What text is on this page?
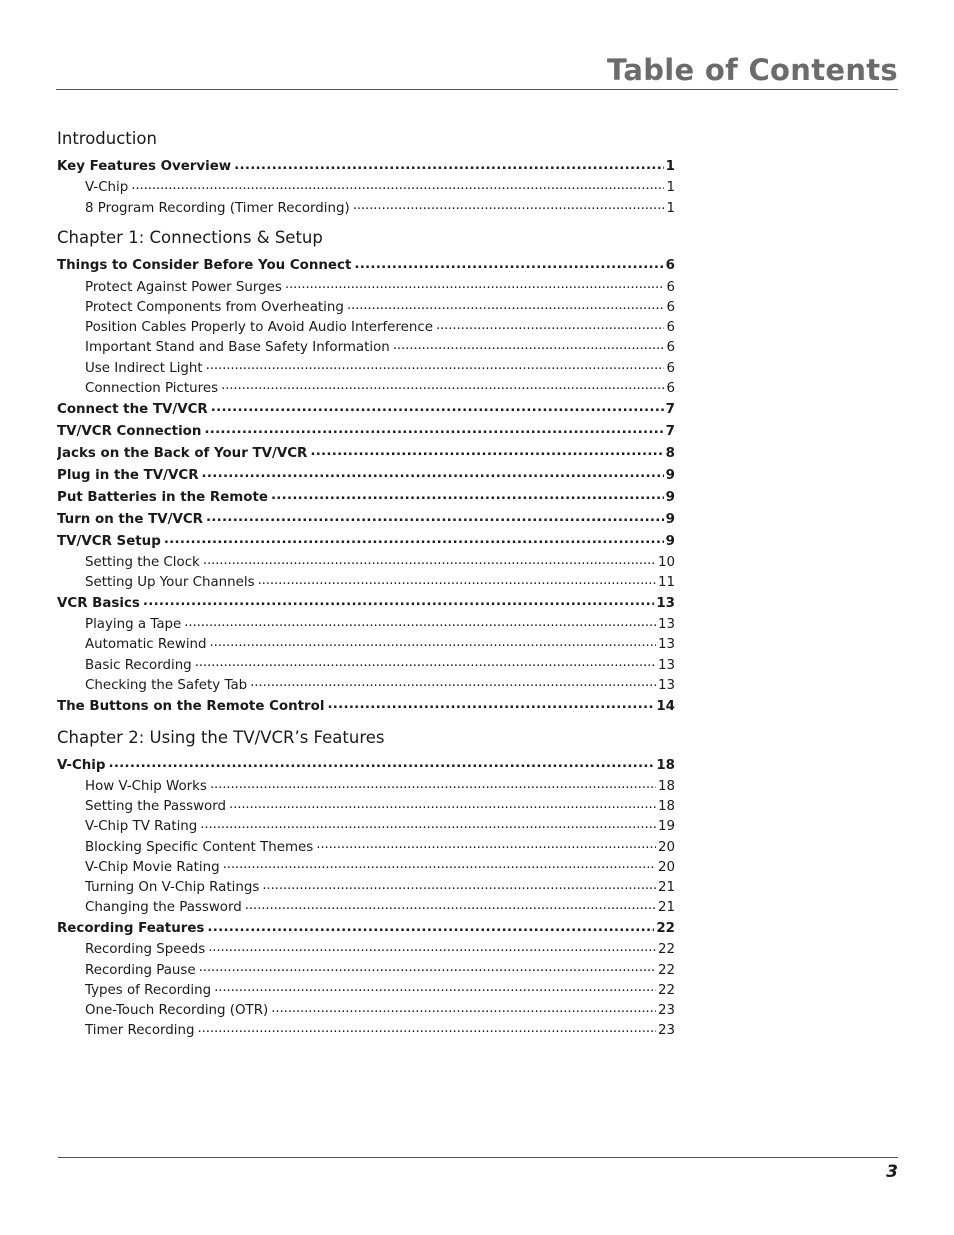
Table of Contents
Introduction
Key Features Overview . . .	1
V-Chip . . .	1
8 Program Recording (Timer Recording) . . .	1
Chapter 1: Connections & Setup
Things to Consider Before You Connect . . .	6
Protect Against Power Surges . . .	6
Protect Components from Overheating . . .	6
Position Cables Properly to Avoid Audio Interference . . .	6
Important Stand and Base Safety Information . . .	6
Use Indirect Light . . .	6
Connection Pictures . . .	6
Connect the TV/VCR . . .	7
TV/VCR Connection . . .	7
Jacks on the Back of Your TV/VCR . . .	8
Plug in the TV/VCR . . .	9
Put Batteries in the Remote . . .	9
Turn on the TV/VCR . . .	9
TV/VCR Setup . . .	9
Setting the Clock . . .	10
Setting Up Your Channels . . .	11
VCR Basics . . .	13
Playing a Tape . . .	13
Automatic Rewind . . .	13
Basic Recording . . .	13
Checking the Safety Tab . . .	13
The Buttons on the Remote Control . . .	14
Chapter 2: Using the TV/VCR’s Features
V-Chip . . .	18
How V-Chip Works . . .	18
Setting the Password . . .	18
V-Chip TV Rating . . .	19
Blocking Specific Content Themes . . .	20
V-Chip Movie Rating . . .	20
Turning On V-Chip Ratings . . .	21
Changing the Password . . .	21
Recording Features . . .	22
Recording Speeds . . .	22
Recording Pause . . .	22
Types of Recording . . .	22
One-Touch Recording (OTR) . . .	23
Timer Recording . . .	23
3
